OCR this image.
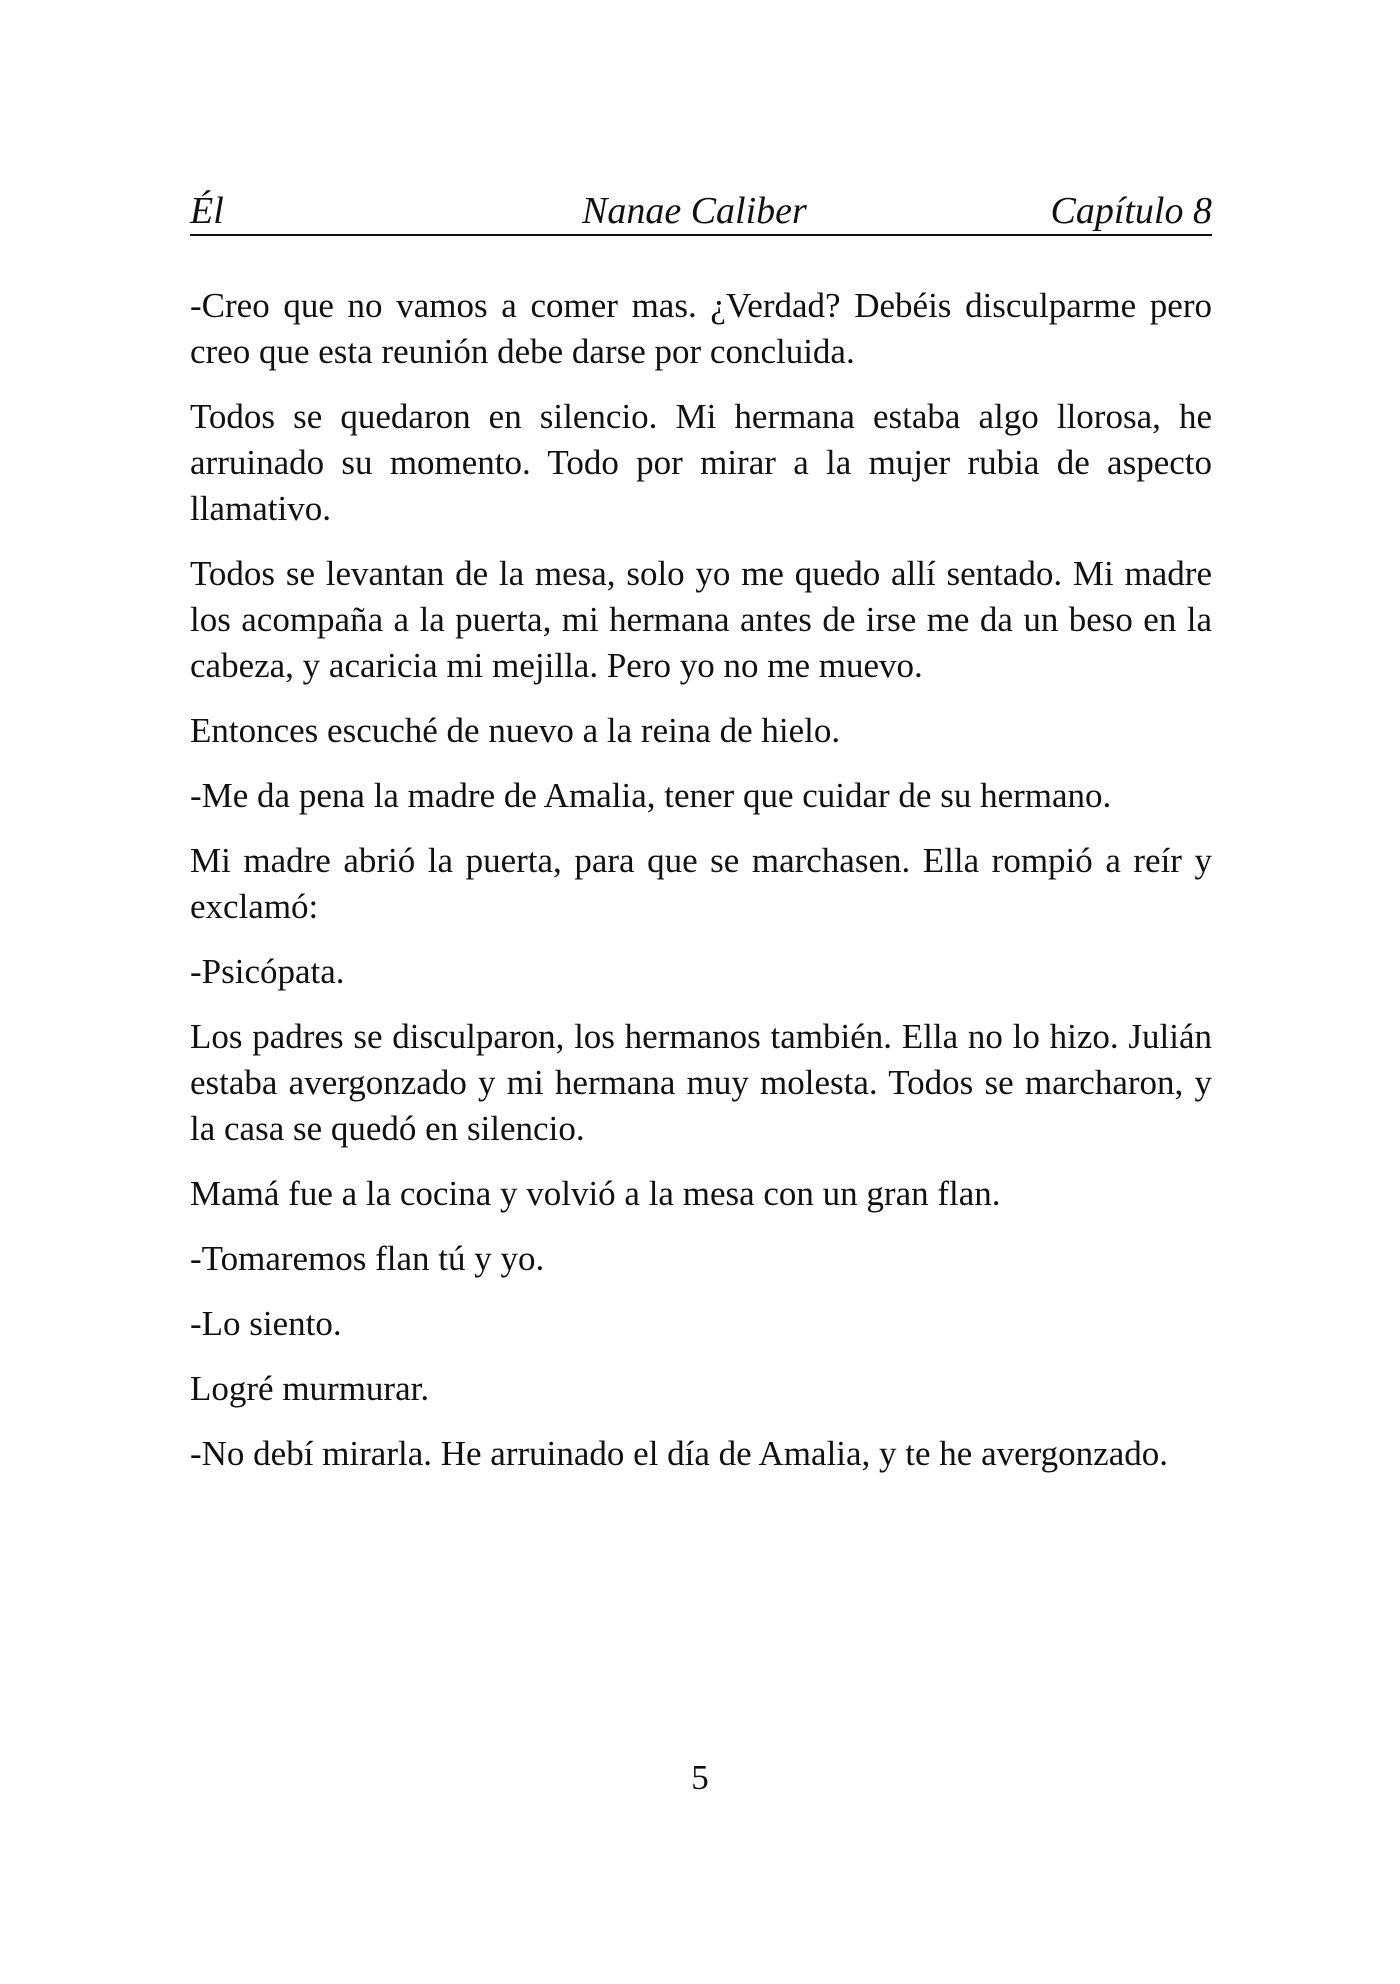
Él	Nanae Caliber	Capítulo 8

-Creo que no vamos a comer mas. ¿Verdad? Debéis disculparme pero creo que esta reunión debe darse por concluida.

Todos se quedaron en silencio. Mi hermana estaba algo llorosa, he arruinado su momento. Todo por mirar a la mujer rubia de aspecto llamativo.

Todos se levantan de la mesa, solo yo me quedo allí sentado. Mi madre los acompaña a la puerta, mi hermana antes de irse me da un beso en la cabeza, y acaricia mi mejilla. Pero yo no me muevo.

Entonces escuché de nuevo a la reina de hielo.

-Me da pena la madre de Amalia, tener que cuidar de su hermano.

Mi madre abrió la puerta, para que se marchasen. Ella rompió a reír y exclamó:

-Psicópata.

Los padres se disculparon, los hermanos también. Ella no lo hizo. Julián estaba avergonzado y mi hermana muy molesta. Todos se marcharon, y la casa se quedó en silencio.

Mamá fue a la cocina y volvió a la mesa con un gran flan.

-Tomaremos flan tú y yo.

-Lo siento.

Logré murmurar.

-No debí mirarla. He arruinado el día de Amalia, y te he avergonzado.

5
